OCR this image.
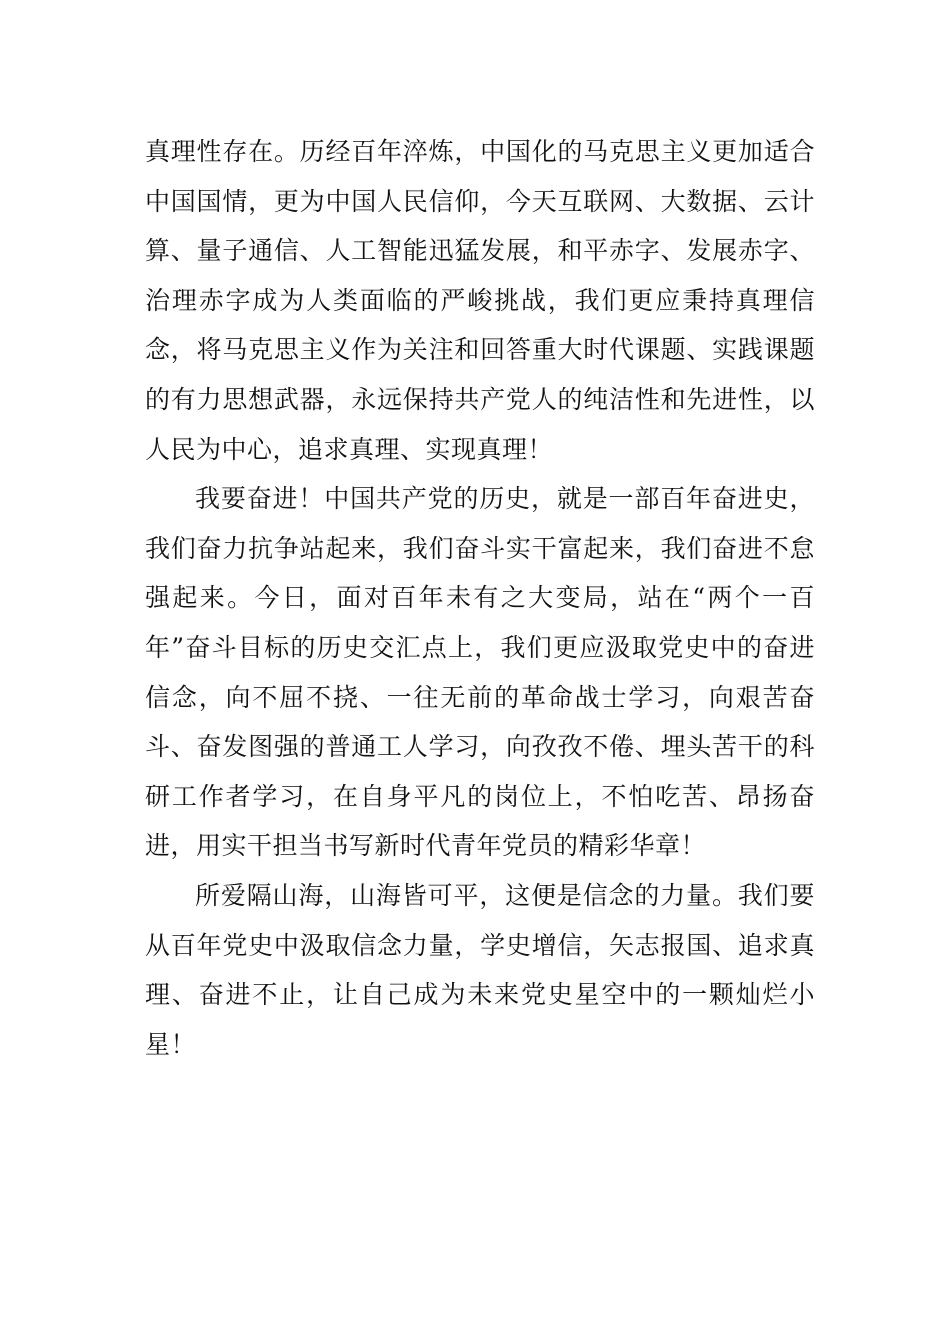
真理性存在。历经百年淬炼，中国化的马克思主义更加适合中国国情，更为中国人民信仰，今天互联网、大数据、云计算、量子通信、人工智能迅猛发展，和平赤字、发展赤字、治理赤字成为人类面临的严峻挑战，我们更应秉持真理信念，将马克思主义作为关注和回答重大时代课题、实践课题的有力思想武器，永远保持共产党人的纯洁性和先进性，以人民为中心，追求真理、实现真理！

我要奋进！中国共产党的历史，就是一部百年奋进史，我们奋力抗争站起来，我们奋斗实干富起来，我们奋进不怠强起来。今日，面对百年未有之大变局，站在“两个一百年”奋斗目标的历史交汇点上，我们更应汲取党史中的奋进信念，向不屈不挠、一往无前的革命战士学习，向艰苦奋斗、奋发图强的普通工人学习，向孜孜不倦、埋头苦干的科研工作者学习，在自身平凡的岗位上，不怕吃苦、昂扬奋进，用实干担当书写新时代青年党员的精彩华章！

所爱隔山海，山海皆可平，这便是信念的力量。我们要从百年党史中汲取信念力量，学史增信，矢志报国、追求真理、奋进不止，让自己成为未来党史星空中的一颗灿烂小星！
